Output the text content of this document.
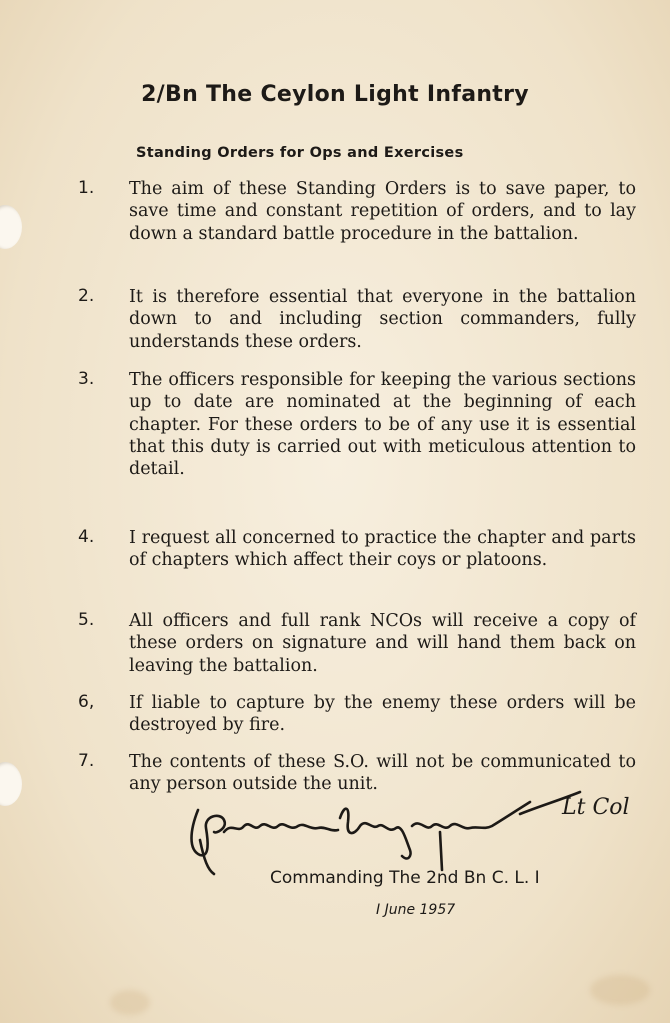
2/Bn The Ceylon Light Infantry
Standing Orders for Ops and Exercises
1.	The aim of these Standing Orders is to save paper, to save time and constant repetition of orders, and to lay down a standard battle procedure in the battalion.
2.	It is therefore essential that everyone in the battalion down to and including section commanders, fully understands these orders.
3.	The officers responsible for keeping the various sections up to date are nominated at the beginning of each chapter. For these orders to be of any use it is essential that this duty is carried out with meticulous attention to detail.
4.	I request all concerned to practice the chapter and parts of chapters which affect their coys or platoons.
5.	All officers and full rank NCOs will receive a copy of these orders on signature and will hand them back on leaving the battalion.
6,	If liable to capture by the enemy these orders will be destroyed by fire.
7.	The contents of these S.O. will not be communicated to any person outside the unit.
Lt Col
Commanding The 2nd Bn C. L. I
I June 1957
